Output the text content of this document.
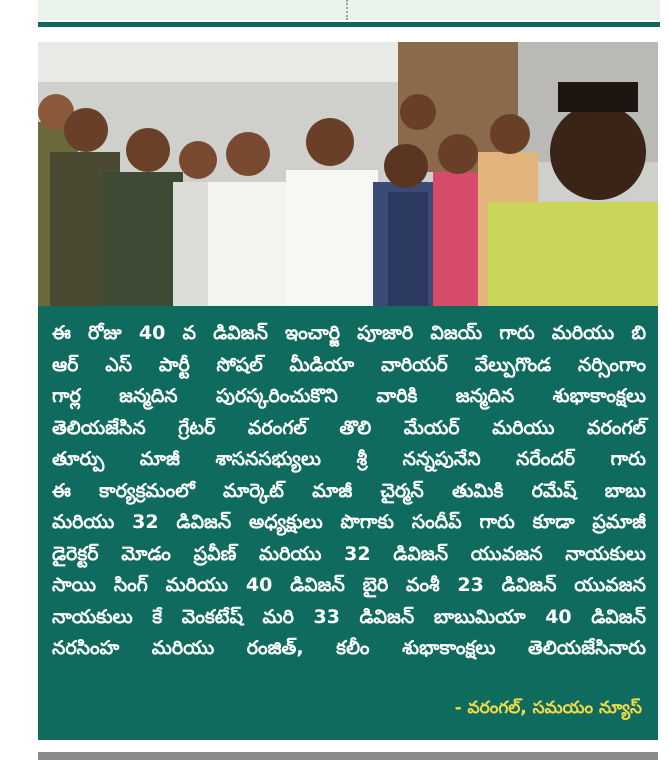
ఈ రోజు 40 వ డివిజన్ ఇంచార్జి పూజారి విజయ్ గారు మరియు బి
ఆర్ ఎస్ పార్టీ సోషల్ మీడియా వారియర్ వేల్పుగొండ నర్సింగాం
గార్ల జన్మదిన పురస్కరించుకొని వారికి జన్మదిన శుభాకాంక్షలు
తెలియజేసిన గ్రేటర్ వరంగల్ తొలి మేయర్ మరియు వరంగల్
తూర్పు మాజీ శాసనసభ్యులు శ్రీ నన్నపునేని నరేందర్ గారు
ఈ కార్యక్రమంలో మార్కెట్ మాజీ చైర్మన్ తుమికి రమేష్ బాబు
మరియు 32 డివిజన్ అధ్యక్షులు పొగాకు సందీప్ గారు కూడా ప్రమాజీ
డైరెక్టర్ మోడం ప్రవీణ్ మరియు 32 డివిజన్ యువజన నాయకులు
సాయి సింగ్ మరియు 40 డివిజన్ బైరి వంశీ 23 డివిజన్ యువజన
నాయకులు కే వెంకటేష్ మరి 33 డివిజన్ బాబుమియా 40 డివిజన్
నరసింహ మరియు రంజిత్, కలీం శుభాకాంక్షలు తెలియజేసినారు
- వరంగల్, సమయం న్యూస్
